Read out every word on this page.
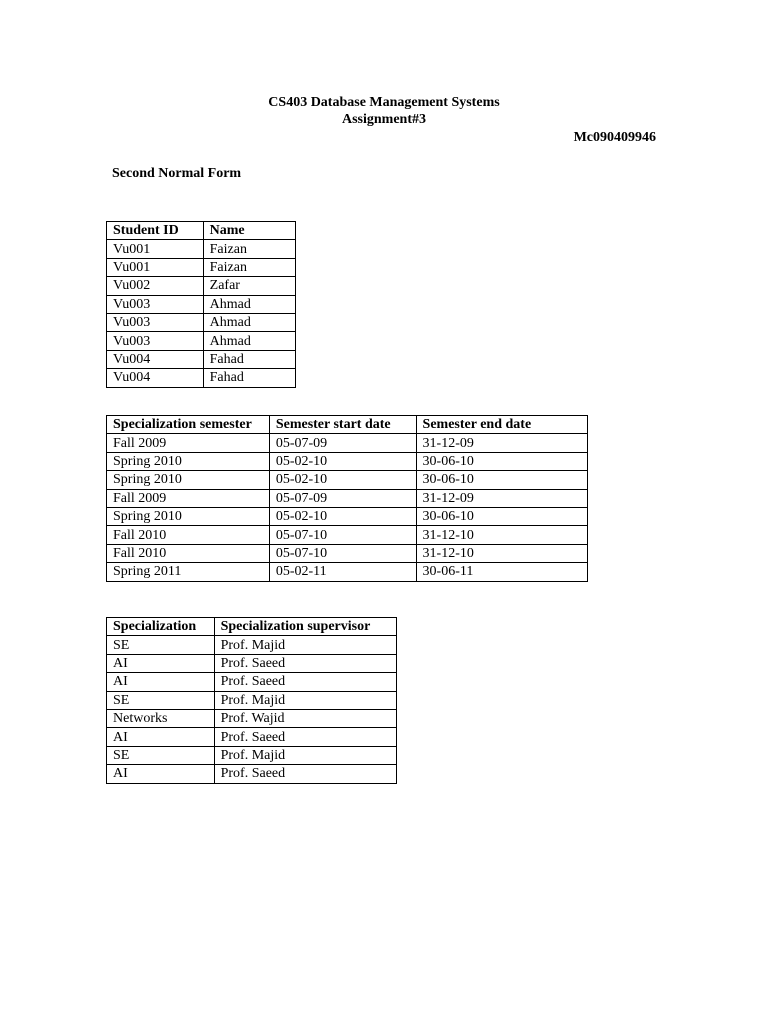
CS403 Database Management Systems
Assignment#3
Mc090409946
Second Normal Form
Student ID	Name
Vu001	Faizan
Vu001	Faizan
Vu002	Zafar
Vu003	Ahmad
Vu003	Ahmad
Vu003	Ahmad
Vu004	Fahad
Vu004	Fahad
Specialization semester	Semester start date	Semester end date
Fall 2009	05-07-09	31-12-09
Spring 2010	05-02-10	30-06-10
Spring 2010	05-02-10	30-06-10
Fall 2009	05-07-09	31-12-09
Spring 2010	05-02-10	30-06-10
Fall 2010	05-07-10	31-12-10
Fall 2010	05-07-10	31-12-10
Spring 2011	05-02-11	30-06-11
Specialization	Specialization supervisor
SE	Prof. Majid
AI	Prof. Saeed
AI	Prof. Saeed
SE	Prof. Majid
Networks	Prof. Wajid
AI	Prof. Saeed
SE	Prof. Majid
AI	Prof. Saeed
